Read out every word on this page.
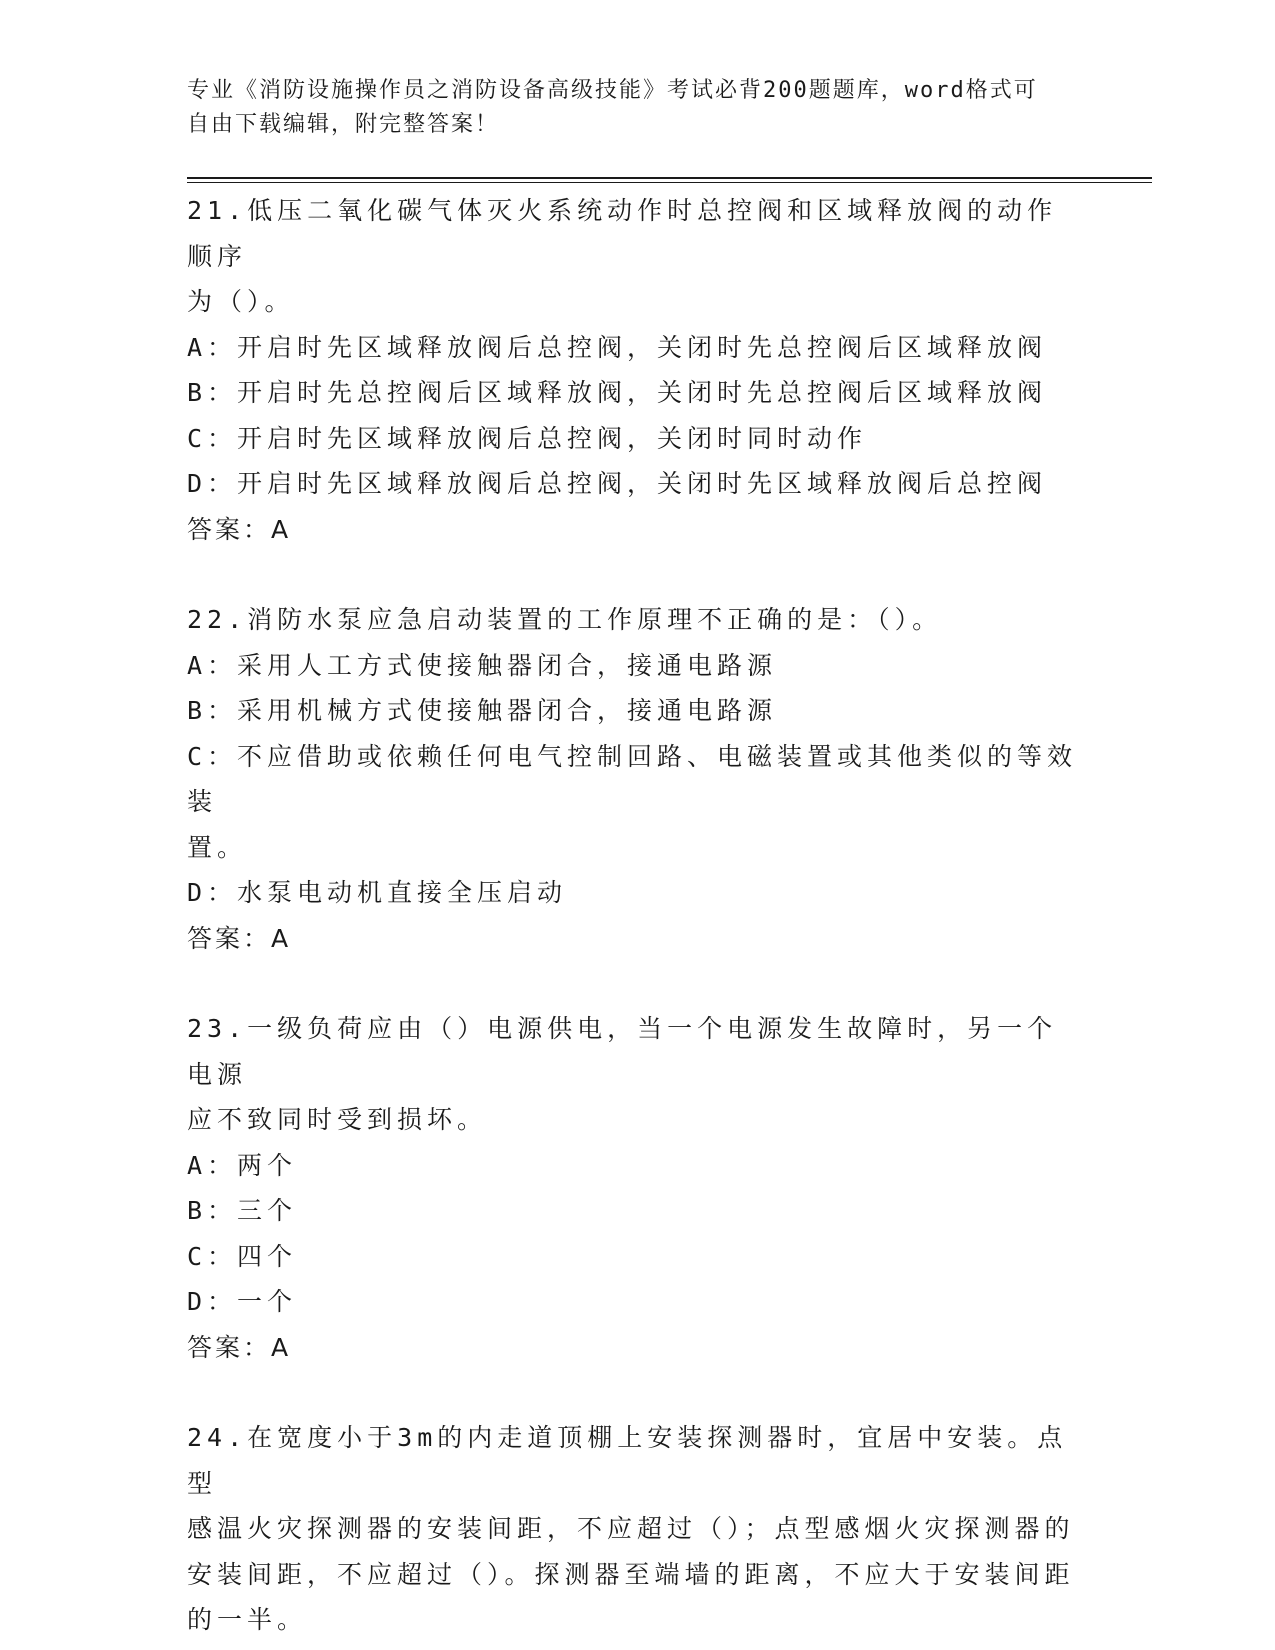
专业《消防设施操作员之消防设备高级技能》考试必背200题题库，word格式可
自由下载编辑，附完整答案！

21.低压二氧化碳气体灭火系统动作时总控阀和区域释放阀的动作顺序

为（）。

A：开启时先区域释放阀后总控阀，关闭时先总控阀后区域释放阀

B：开启时先总控阀后区域释放阀，关闭时先总控阀后区域释放阀

C：开启时先区域释放阀后总控阀，关闭时同时动作

D：开启时先区域释放阀后总控阀，关闭时先区域释放阀后总控阀

答案：A

22.消防水泵应急启动装置的工作原理不正确的是：（）。

A：采用人工方式使接触器闭合，接通电路源

B：采用机械方式使接触器闭合，接通电路源

C：不应借助或依赖任何电气控制回路、电磁装置或其他类似的等效装

置。

D：水泵电动机直接全压启动

答案：A

23.一级负荷应由（）电源供电，当一个电源发生故障时，另一个电源

应不致同时受到损坏。

A：两个

B：三个

C：四个

D：一个

答案：A

24.在宽度小于3m的内走道顶棚上安装探测器时，宜居中安装。点型

感温火灾探测器的安装间距，不应超过（）；点型感烟火灾探测器的

安装间距，不应超过（）。探测器至端墙的距离，不应大于安装间距

的一半。
